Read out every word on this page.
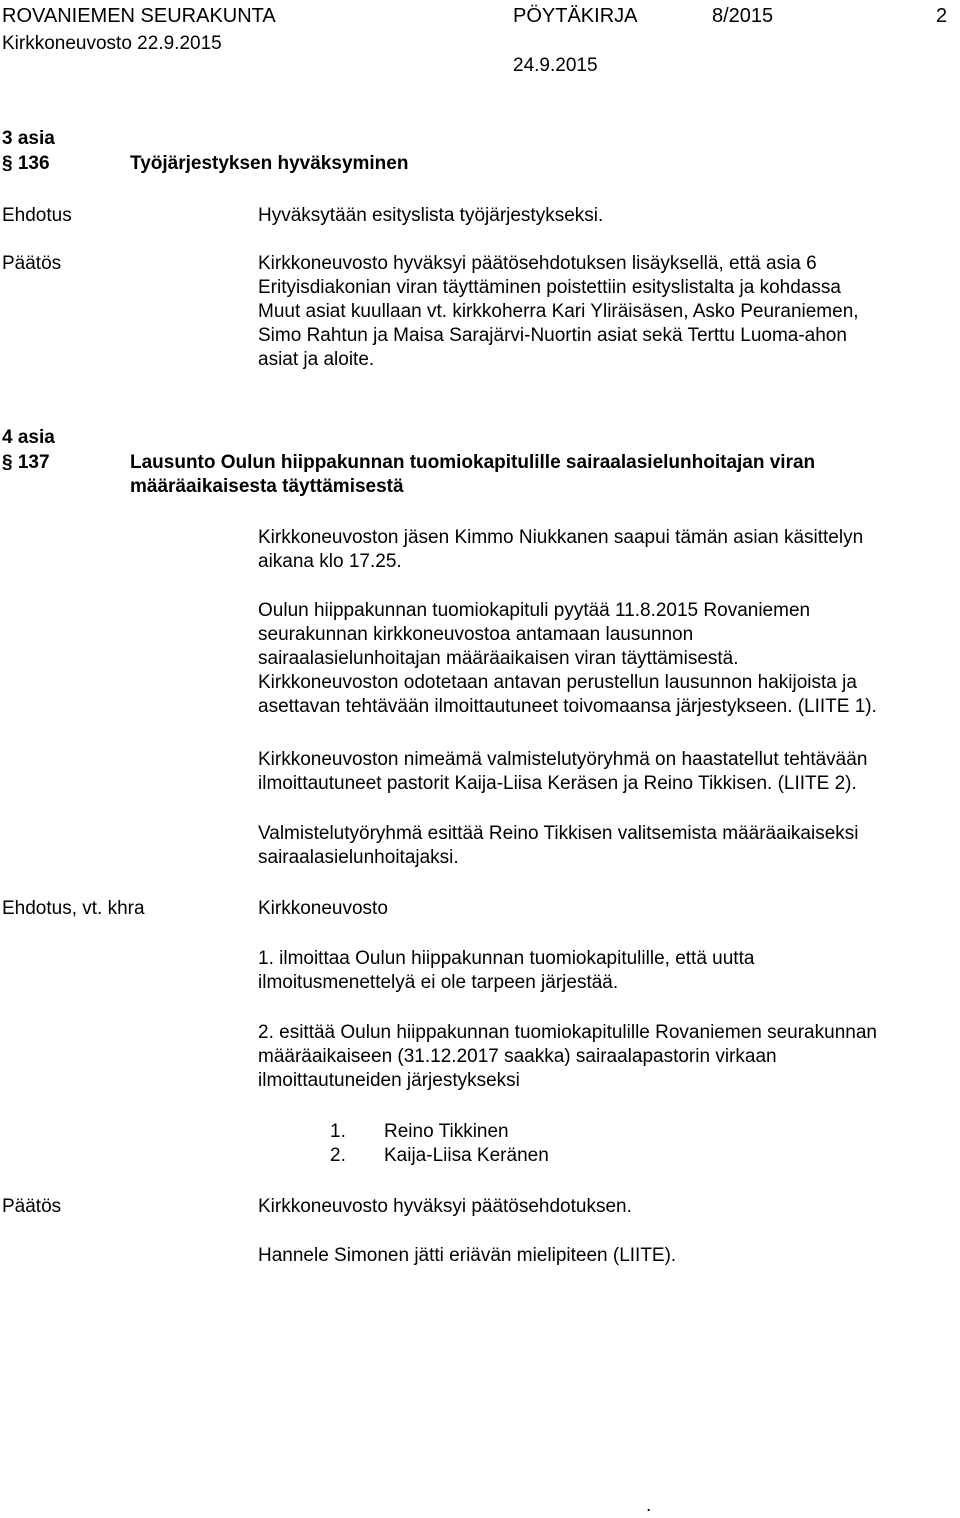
ROVANIEMEN SEURAKUNTA	PÖYTÄKIRJA	8/2015	2
Kirkkoneuvosto 22.9.2015
24.9.2015
3 asia
§ 136	Työjärjestyksen hyväksyminen
Ehdotus	Hyväksytään esityslista työjärjestykseksi.
Päätös	Kirkkoneuvosto hyväksyi päätösehdotuksen lisäyksellä, että asia 6
Erityisdiakonian viran täyttäminen poistettiin esityslistalta ja kohdassa
Muut asiat kuullaan vt. kirkkoherra Kari Yliräisäsen, Asko Peuraniemen,
Simo Rahtun ja Maisa Sarajärvi-Nuortin asiat sekä Terttu Luoma-ahon
asiat ja aloite.
4 asia
§ 137	Lausunto Oulun hiippakunnan tuomiokapitulille sairaalasielunhoitajan viran
määräaikaisesta täyttämisestä
Kirkkoneuvoston jäsen Kimmo Niukkanen saapui tämän asian käsittelyn
aikana klo 17.25.
Oulun hiippakunnan tuomiokapituli pyytää 11.8.2015 Rovaniemen
seurakunnan kirkkoneuvostoa antamaan lausunnon
sairaalasielunhoitajan määräaikaisen viran täyttämisestä.
Kirkkoneuvoston odotetaan antavan perustellun lausunnon hakijoista ja
asettavan tehtävään ilmoittautuneet toivomaansa järjestykseen. (LIITE 1).
Kirkkoneuvoston nimeämä valmistelutyöryhmä on haastatellut tehtävään
ilmoittautuneet pastorit Kaija-Liisa Keräsen ja Reino Tikkisen. (LIITE 2).
Valmistelutyöryhmä esittää Reino Tikkisen valitsemista määräaikaiseksi
sairaalasielunhoitajaksi.
Ehdotus, vt. khra	Kirkkoneuvosto
1. ilmoittaa Oulun hiippakunnan tuomiokapitulille, että uutta
ilmoitusmenettelyä ei ole tarpeen järjestää.
2. esittää Oulun hiippakunnan tuomiokapitulille Rovaniemen seurakunnan
määräaikaiseen (31.12.2017 saakka) sairaalapastorin virkaan
ilmoittautuneiden järjestykseksi
1. Reino Tikkinen
2. Kaija-Liisa Keränen
Päätös	Kirkkoneuvosto hyväksyi päätösehdotuksen.
Hannele Simonen jätti eriävän mielipiteen (LIITE).
.
